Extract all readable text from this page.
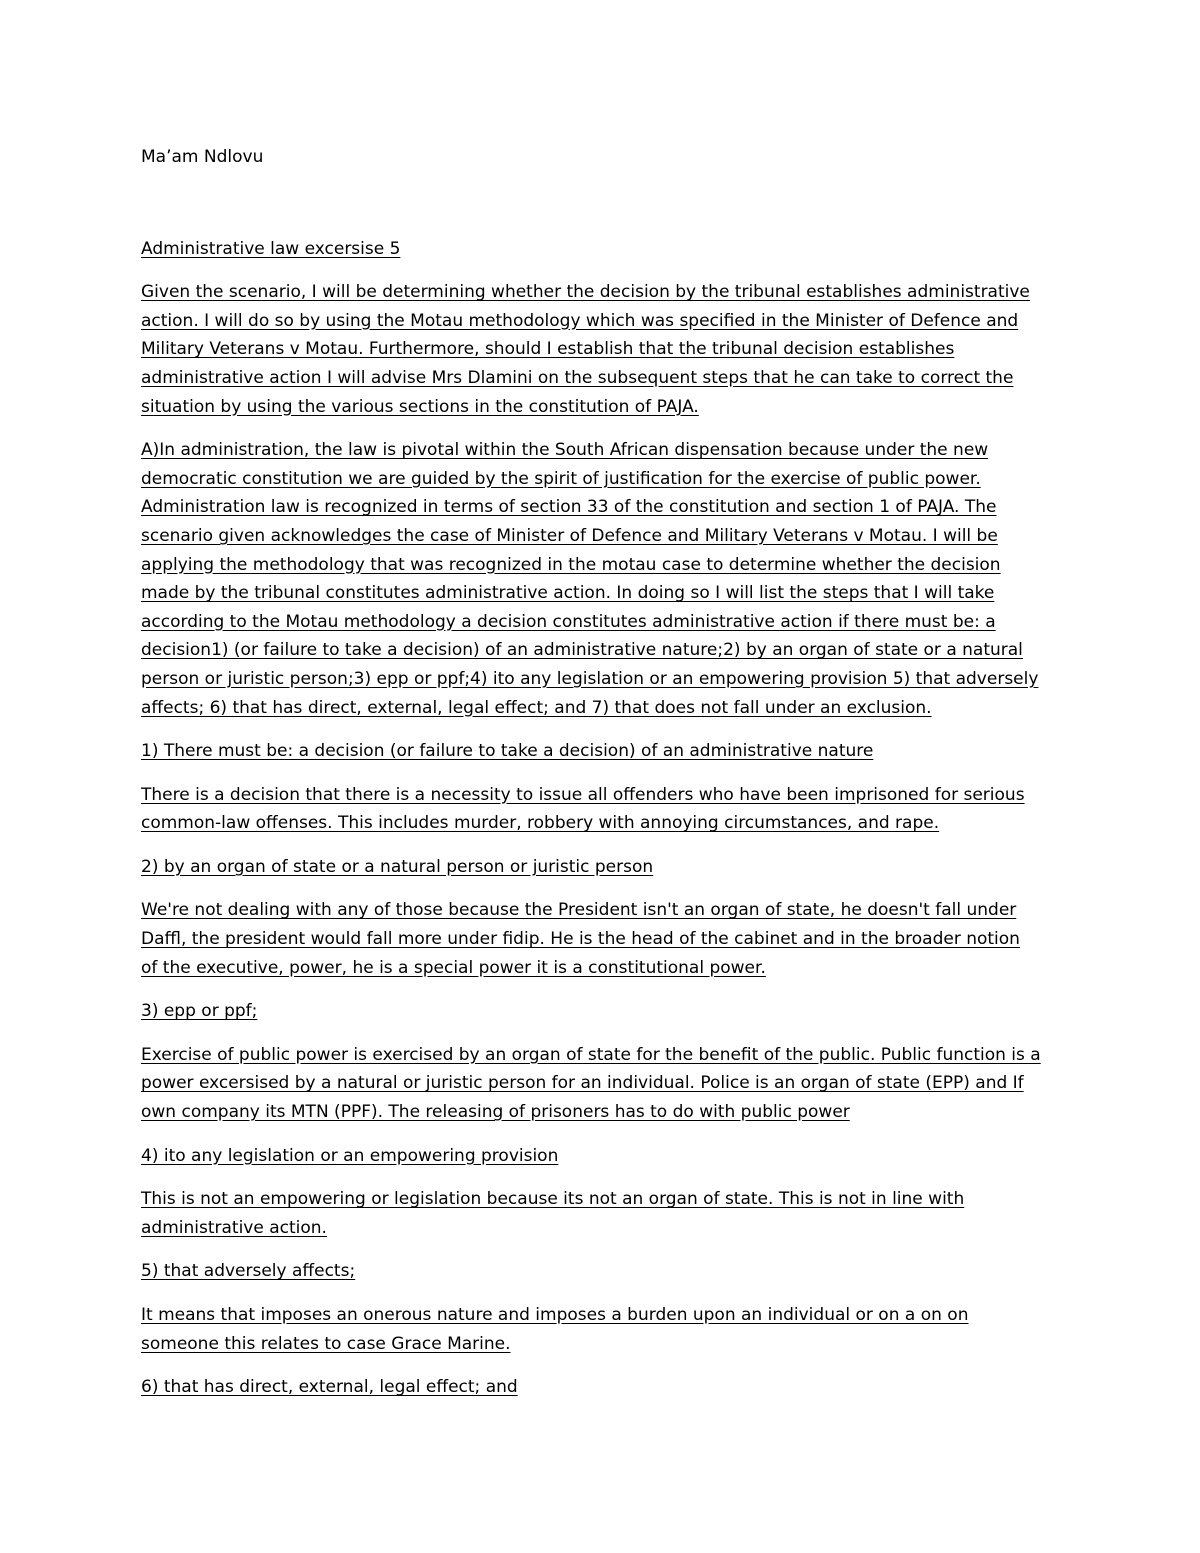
Ma’am Ndlovu

Administrative law excersise 5

Given the scenario, I will be determining whether the decision by the tribunal establishes administrative
action. I will do so by using the Motau methodology which was specified in the Minister of Defence and
Military Veterans v Motau. Furthermore, should I establish that the tribunal decision establishes
administrative action I will advise Mrs Dlamini on the subsequent steps that he can take to correct the
situation by using the various sections in the constitution of PAJA.

A)In administration, the law is pivotal within the South African dispensation because under the new
democratic constitution we are guided by the spirit of justification for the exercise of public power.
Administration law is recognized in terms of section 33 of the constitution and section 1 of PAJA. The
scenario given acknowledges the case of Minister of Defence and Military Veterans v Motau. I will be
applying the methodology that was recognized in the motau case to determine whether the decision
made by the tribunal constitutes administrative action. In doing so I will list the steps that I will take
according to the Motau methodology a decision constitutes administrative action if there must be: a
decision1) (or failure to take a decision) of an administrative nature;2) by an organ of state or a natural
person or juristic person;3) epp or ppf;4) ito any legislation or an empowering provision 5) that adversely
affects; 6) that has direct, external, legal effect; and 7) that does not fall under an exclusion.

1) There must be: a decision (or failure to take a decision) of an administrative nature

There is a decision that there is a necessity to issue all offenders who have been imprisoned for serious
common-law offenses. This includes murder, robbery with annoying circumstances, and rape.

2) by an organ of state or a natural person or juristic person

We're not dealing with any of those because the President isn't an organ of state, he doesn't fall under
Daffl, the president would fall more under fidip. He is the head of the cabinet and in the broader notion
of the executive, power, he is a special power it is a constitutional power.

3) epp or ppf;

Exercise of public power is exercised by an organ of state for the benefit of the public. Public function is a
power excersised by a natural or juristic person for an individual. Police is an organ of state (EPP) and If
own company its MTN (PPF). The releasing of prisoners has to do with public power

4) ito any legislation or an empowering provision

This is not an empowering or legislation because its not an organ of state. This is not in line with
administrative action.

5) that adversely affects;

It means that imposes an onerous nature and imposes a burden upon an individual or on a on on
someone this relates to case Grace Marine.

6) that has direct, external, legal effect; and
